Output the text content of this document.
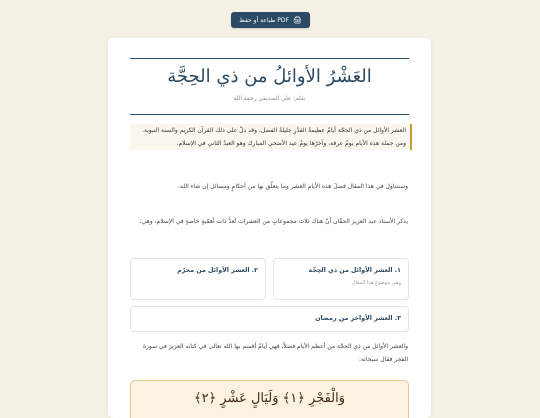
طباعة أو حفظ PDF 🖨
العَشْرُ الأوائلُ من ذي الحِجَّة
بقلم: علي الصديقي رحمه الله
العشر الأوائل من ذي الحجّة أيامٌ عظيمةُ القدْرِ جليلةُ الفضل، وقد دلّ على ذلك القرآن الكريم والسنة النبوية. ومن جملة هذه الأيام يومُ عرفة، وآخرُها يومُ عيد الأضحى المبارك وهو العيدُ الثاني في الإسلام.
وسنتناول في هذا المقال فضلَ هذه الأيام العشر وما يتعلّق بها من أحكامٍ ومسائل إن شاء الله.
يذكر الأستاذ عبد العزيز الحفّان أنّ هناك ثلاث مجموعاتٍ من العشرات تُعدُّ ذات أهمّيةٍ خاصةٍ في الإسلام، وهي:
١. العشر الأوائل من ذي الحِجّة
وهي موضوع هذا المقال
٢. العشر الأوائل من محرّم
٣. العشر الأواخر من رمضان
والعشر الأوائل من ذي الحجّة من أعظم الأيام فضلاً، فهي أيامٌ أقسم بها الله تعالى في كتابه العزيز في سورة الفجر فقال سبحانه:
وَالْفَجْرِ ﴿١﴾ وَلَيَالٍ عَشْرٍ ﴿٢﴾
